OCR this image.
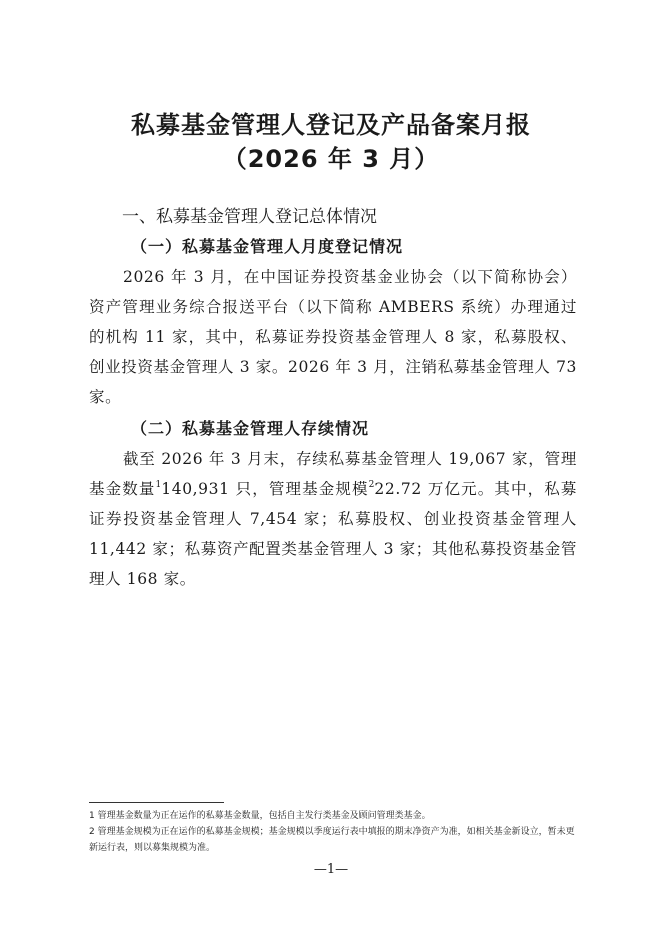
私募基金管理人登记及产品备案月报
（2026 年 3 月）
一、私募基金管理人登记总体情况
（一）私募基金管理人月度登记情况

2026 年 3 月，在中国证券投资基金业协会（以下简称协会）资产管理业务综合报送平台（以下简称 AMBERS 系统）办理通过的机构 11 家，其中，私募证券投资基金管理人 8 家，私募股权、创业投资基金管理人 3 家。2026 年 3 月，注销私募基金管理人 73 家。

（二）私募基金管理人存续情况

截至 2026 年 3 月末，存续私募基金管理人 19,067 家，管理基金数量$^1$140,931 只，管理基金规模$^2$22.72 万亿元。其中，私募证券投资基金管理人 7,454 家；私募股权、创业投资基金管理人 11,442 家；私募资产配置类基金管理人 3 家；其他私募投资基金管理人 168 家。

1 管理基金数量为正在运作的私募基金数量，包括自主发行类基金及顾问管理类基金。

2 管理基金规模为正在运作的私募基金规模；基金规模以季度运行表中填报的期末净资产为准，如相关基金新设立，暂未更新运行表，则以募集规模为准。

—1—
